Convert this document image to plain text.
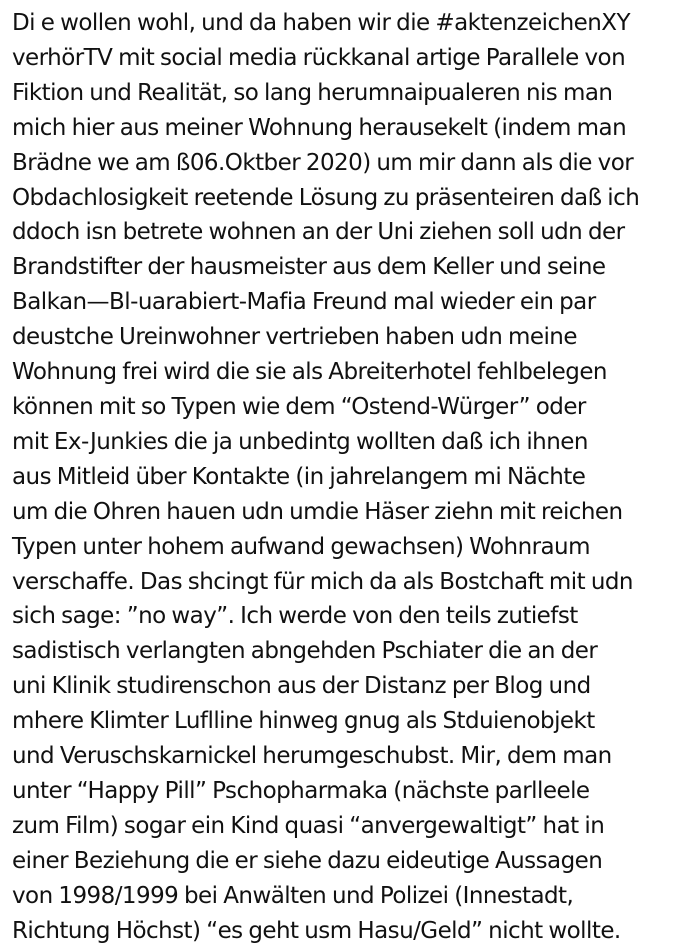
Di e wollen wohl, und da haben wir die #aktenzeichenXY
verhörTV mit social media rückkanal artige Parallele von
Fiktion und Realität, so lang herumnaipualeren nis man
mich hier aus meiner Wohnung herausekelt (indem man
Brädne we am ß06.Oktber 2020) um mir dann als die vor
Obdachlosigkeit reetende Lösung zu präsenteiren daß ich
ddoch isn betrete wohnen an der Uni ziehen soll udn der
Brandstifter der hausmeister aus dem Keller und seine
Balkan—Bl-uarabiert-Mafia Freund mal wieder ein par
deustche Ureinwohner vertrieben haben udn meine
Wohnung frei wird die sie als Abreiterhotel fehlbelegen
können mit so Typen wie dem “Ostend-Würger” oder
mit Ex-Junkies die ja unbedintg wollten daß ich ihnen
aus Mitleid über Kontakte (in jahrelangem mi Nächte
um die Ohren hauen udn umdie Häser ziehn mit reichen
Typen unter hohem aufwand gewachsen) Wohnraum
verschaffe. Das shcingt für mich da als Bostchaft mit udn
sich sage: ”no way”. Ich werde von den teils zutiefst
sadistisch verlangten abngehden Pschiater die an der
uni Klinik studirenschon aus der Distanz per Blog und
mhere Klimter Luflline hinweg gnug als Stduienobjekt
und Veruschskarnickel herumgeschubst. Mir, dem man
unter “Happy Pill” Pschopharmaka (nächste parlleele
zum Film) sogar ein Kind quasi “anvergewaltigt” hat in
einer Beziehung die er siehe dazu eideutige Aussagen
von 1998/1999 bei Anwälten und Polizei (Innestadt,
Richtung Höchst) “es geht usm Hasu/Geld” nicht wollte.
